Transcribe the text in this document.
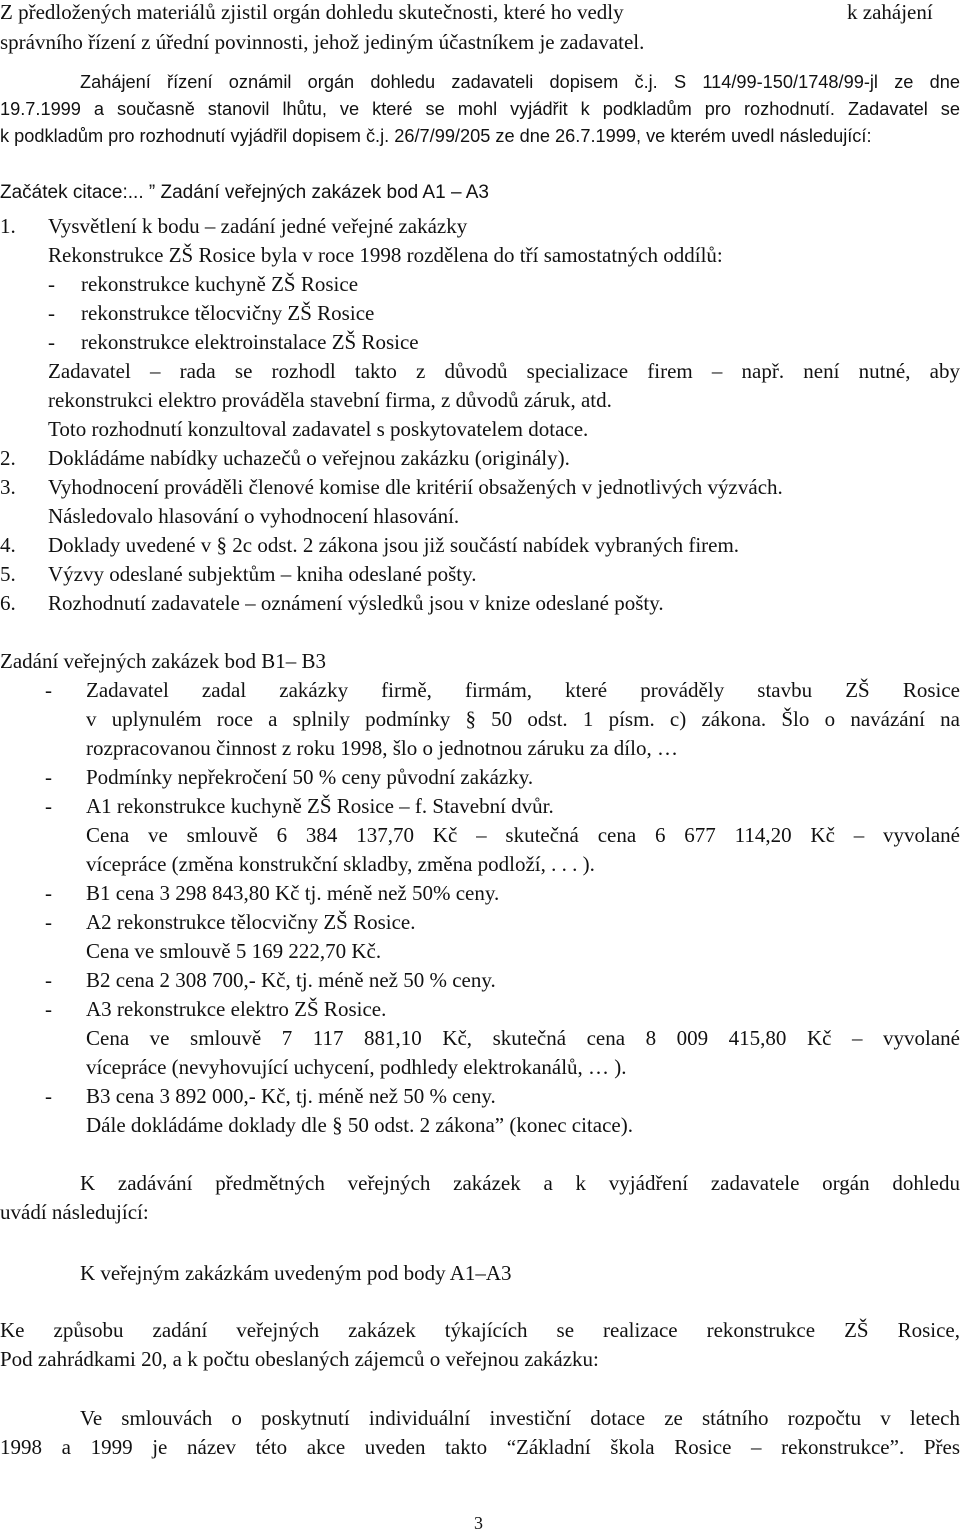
Z předložených materiálů zjistil orgán dohledu skutečnosti, které ho vedly	k zahájení
správního řízení z úřední povinnosti, jehož jediným účastníkem je zadavatel.
Zahájení řízení oznámil orgán dohledu zadavateli dopisem č.j. S 114/99-150/1748/99-jl ze dne
19.7.1999 a současně stanovil lhůtu, ve které se mohl vyjádřit k podkladům pro rozhodnutí. Zadavatel se
k podkladům pro rozhodnutí vyjádřil dopisem č.j. 26/7/99/205 ze dne 26.7.1999, ve kterém uvedl následující:
Začátek citace:... ” Zadání veřejných zakázek bod A1 – A3
1. Vysvětlení k bodu – zadání jedné veřejné zakázky
Rekonstrukce ZŠ Rosice byla v roce 1998 rozdělena do tří samostatných oddílů:
- rekonstrukce kuchyně ZŠ Rosice
- rekonstrukce tělocvičny ZŠ Rosice
- rekonstrukce elektroinstalace ZŠ Rosice
Zadavatel – rada se rozhodl takto z důvodů specializace firem – např. není nutné, aby
rekonstrukci elektro prováděla stavební firma, z důvodů záruk, atd.
Toto rozhodnutí konzultoval zadavatel s poskytovatelem dotace.
2. Dokládáme nabídky uchazečů o veřejnou zakázku (originály).
3. Vyhodnocení prováděli členové komise dle kritérií obsažených v jednotlivých výzvách.
Následovalo hlasování o vyhodnocení hlasování.
4. Doklady uvedené v § 2c odst. 2 zákona jsou již součástí nabídek vybraných firem.
5. Výzvy odeslané subjektům – kniha odeslané pošty.
6. Rozhodnutí zadavatele – oznámení výsledků jsou v knize odeslané pošty.
Zadání veřejných zakázek bod B1– B3
- Zadavatel zadal zakázky firmě, firmám, které prováděly stavbu ZŠ Rosice
v uplynulém roce a splnily podmínky § 50 odst. 1 písm. c) zákona. Šlo o navázání na
rozpracovanou činnost z roku 1998, šlo o jednotnou záruku za dílo, …
- Podmínky nepřekročení 50 % ceny původní zakázky.
- A1 rekonstrukce kuchyně ZŠ Rosice – f. Stavební dvůr.
Cena ve smlouvě 6 384 137,70 Kč – skutečná cena 6 677 114,20 Kč – vyvolané
vícepráce (změna konstrukční skladby, změna podloží, . . . ).
- B1 cena 3 298 843,80 Kč tj. méně než 50% ceny.
- A2 rekonstrukce tělocvičny ZŠ Rosice.
Cena ve smlouvě 5 169 222,70 Kč.
- B2 cena 2 308 700,- Kč, tj. méně než 50 % ceny.
- A3 rekonstrukce elektro ZŠ Rosice.
Cena ve smlouvě 7 117 881,10 Kč, skutečná cena 8 009 415,80 Kč – vyvolané
vícepráce (nevyhovující uchycení, podhledy elektrokanálů, … ).
- B3 cena 3 892 000,- Kč, tj. méně než 50 % ceny.
Dále dokládáme doklady dle § 50 odst. 2 zákona” (konec citace).
K zadávání předmětných veřejných zakázek a k vyjádření zadavatele orgán dohledu
uvádí následující:
K veřejným zakázkám uvedeným pod body A1–A3
Ke způsobu zadání veřejných zakázek týkajících se realizace rekonstrukce ZŠ Rosice,
Pod zahrádkami 20, a k počtu obeslaných zájemců o veřejnou zakázku:
Ve smlouvách o poskytnutí individuální investiční dotace ze státního rozpočtu v letech
1998 a 1999 je název této akce uveden takto “Základní škola Rosice – rekonstrukce”. Přes
3
